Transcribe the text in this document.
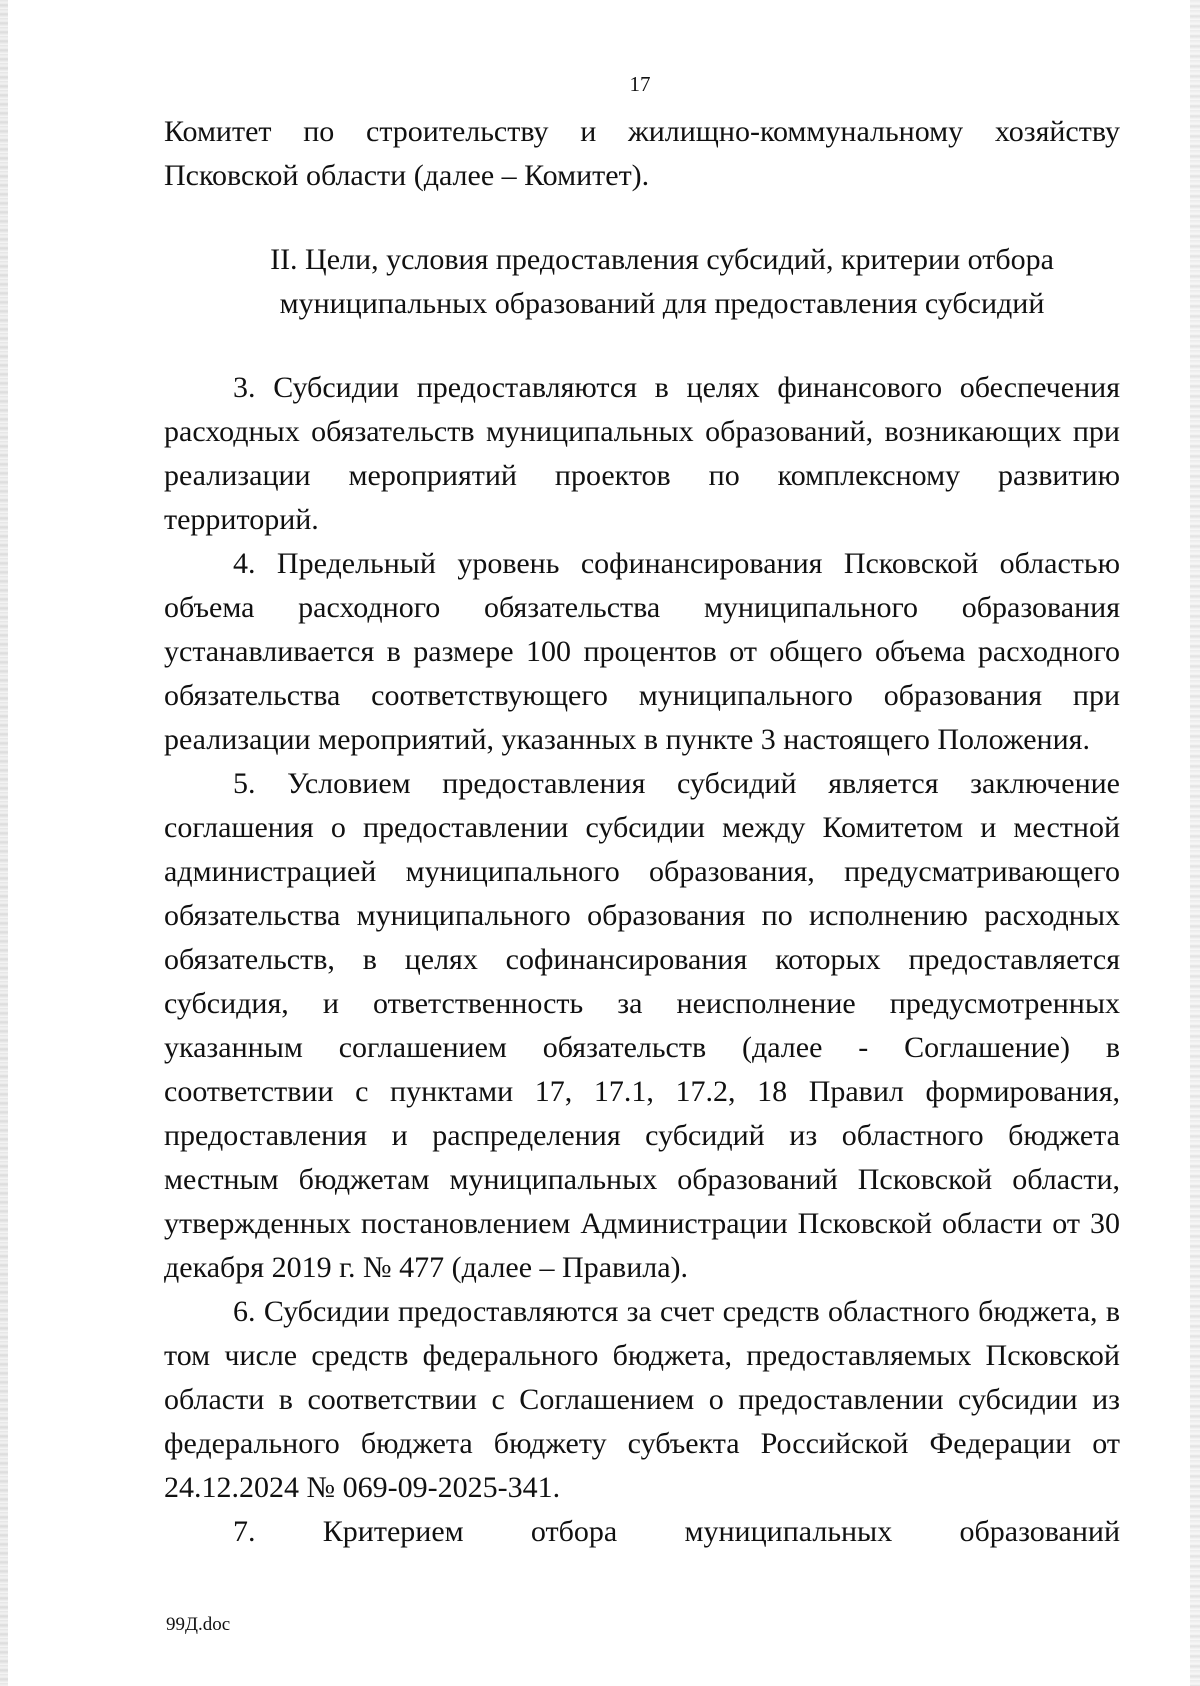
17

Комитет по строительству и жилищно-коммунальному хозяйству Псковской области (далее – Комитет).

II. Цели, условия предоставления субсидий, критерии отбора
муниципальных образований для предоставления субсидий

3. Субсидии предоставляются в целях финансового обеспечения расходных обязательств муниципальных образований, возникающих при реализации мероприятий проектов по комплексному развитию территорий.

4. Предельный уровень софинансирования Псковской областью объема расходного обязательства муниципального образования устанавливается в размере 100 процентов от общего объема расходного обязательства соответствующего муниципального образования при реализации мероприятий, указанных в пункте 3 настоящего Положения.

5. Условием предоставления субсидий является заключение соглашения о предоставлении субсидии между Комитетом и местной администрацией муниципального образования, предусматривающего обязательства муниципального образования по исполнению расходных обязательств, в целях софинансирования которых предоставляется субсидия, и ответственность за неисполнение предусмотренных указанным соглашением обязательств (далее - Соглашение) в соответствии с пунктами 17, 17.1, 17.2, 18 Правил формирования, предоставления и распределения субсидий из областного бюджета местным бюджетам муниципальных образований Псковской области, утвержденных постановлением Администрации Псковской области от 30 декабря 2019 г. № 477 (далее – Правила).

6. Субсидии предоставляются за счет средств областного бюджета, в том числе средств федерального бюджета, предоставляемых Псковской области в соответствии с Соглашением о предоставлении субсидии из федерального бюджета бюджету субъекта Российской Федерации от 24.12.2024 № 069-09-2025-341.

7. Критерием отбора муниципальных образований

99Д.doc
